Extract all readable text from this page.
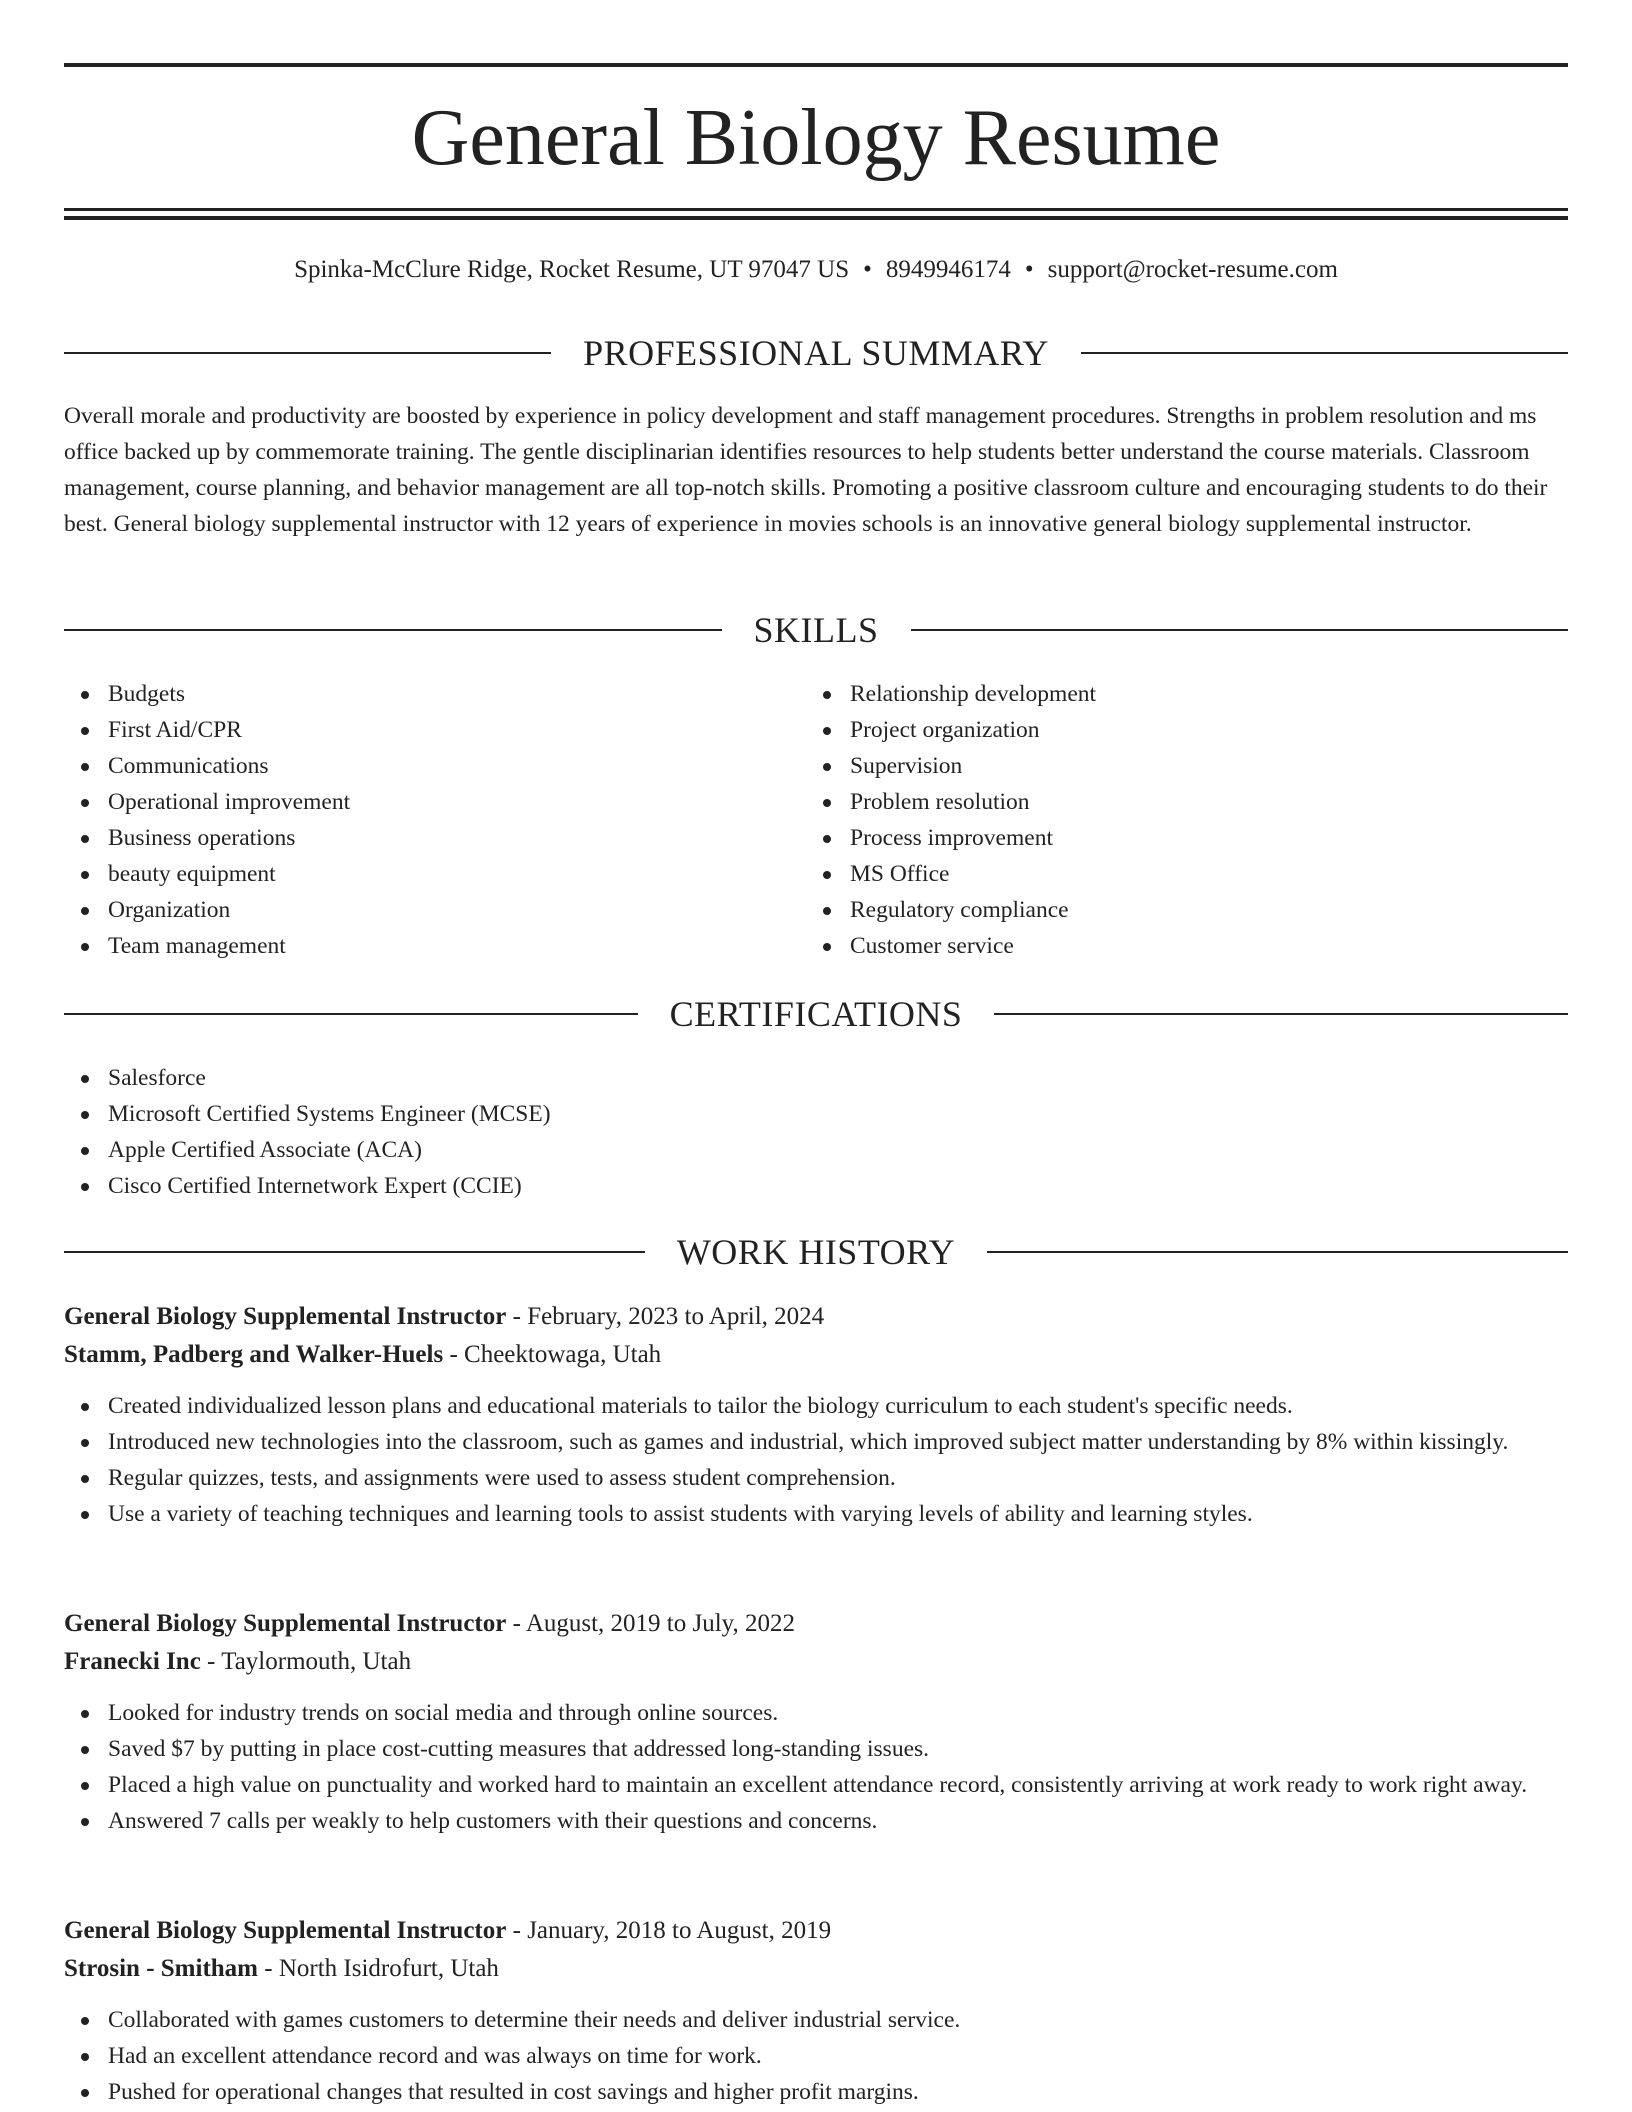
General Biology Resume
Spinka-McClure Ridge, Rocket Resume, UT 97047 US • 8949946174 • support@rocket-resume.com
PROFESSIONAL SUMMARY

Overall morale and productivity are boosted by experience in policy development and staff management procedures. Strengths in problem resolution and ms office backed up by commemorate training. The gentle disciplinarian identifies resources to help students better understand the course materials. Classroom management, course planning, and behavior management are all top-notch skills. Promoting a positive classroom culture and encouraging students to do their best. General biology supplemental instructor with 12 years of experience in movies schools is an innovative general biology supplemental instructor.

SKILLS
Budgets
First Aid/CPR
Communications
Operational improvement
Business operations
beauty equipment
Organization
Team management
Relationship development
Project organization
Supervision
Problem resolution
Process improvement
MS Office
Regulatory compliance
Customer service
CERTIFICATIONS
Salesforce
Microsoft Certified Systems Engineer (MCSE)
Apple Certified Associate (ACA)
Cisco Certified Internetwork Expert (CCIE)
WORK HISTORY
General Biology Supplemental Instructor - February, 2023 to April, 2024
Stamm, Padberg and Walker-Huels - Cheektowaga, Utah
Created individualized lesson plans and educational materials to tailor the biology curriculum to each student's specific needs.
Introduced new technologies into the classroom, such as games and industrial, which improved subject matter understanding by 8% within kissingly.
Regular quizzes, tests, and assignments were used to assess student comprehension.
Use a variety of teaching techniques and learning tools to assist students with varying levels of ability and learning styles.
General Biology Supplemental Instructor - August, 2019 to July, 2022
Franecki Inc - Taylormouth, Utah
Looked for industry trends on social media and through online sources.
Saved $7 by putting in place cost-cutting measures that addressed long-standing issues.
Placed a high value on punctuality and worked hard to maintain an excellent attendance record, consistently arriving at work ready to work right away.
Answered 7 calls per weakly to help customers with their questions and concerns.
General Biology Supplemental Instructor - January, 2018 to August, 2019
Strosin - Smitham - North Isidrofurt, Utah
Collaborated with games customers to determine their needs and deliver industrial service.
Had an excellent attendance record and was always on time for work.
Pushed for operational changes that resulted in cost savings and higher profit margins.
